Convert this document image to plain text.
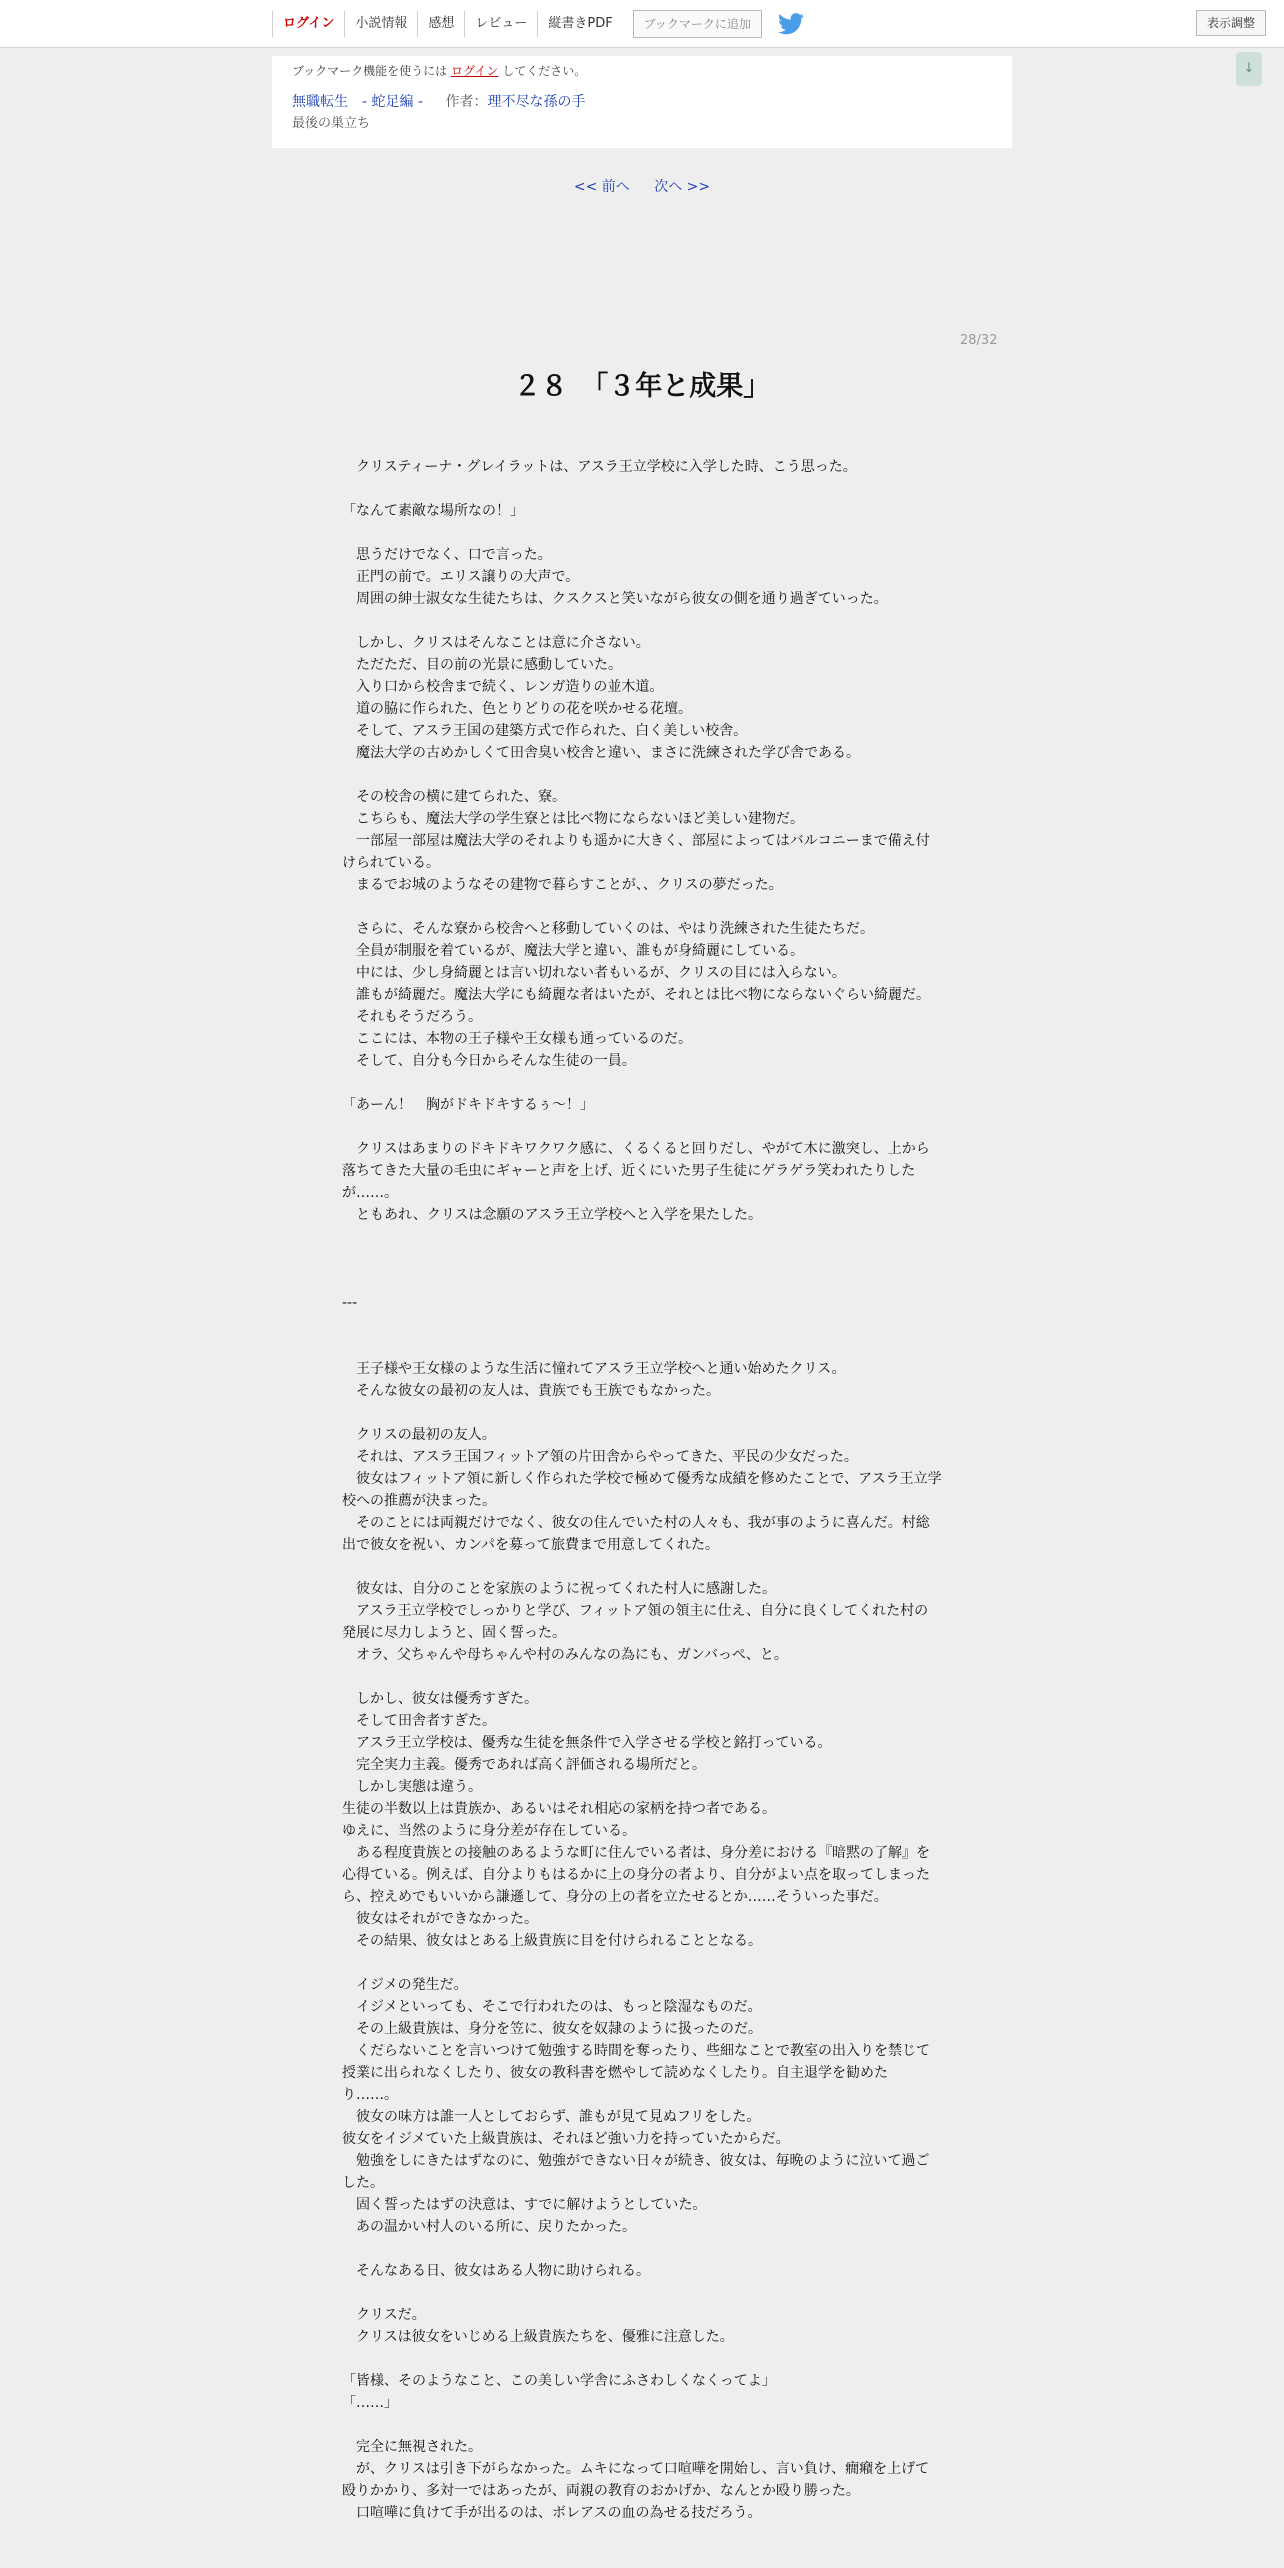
ログイン	小説情報	感想	レビュー	縦書きPDF	ブックマークに追加	表示調整
↓
ブックマーク機能を使うには ログイン してください。
無職転生　- 蛇足編 - 作者：理不尽な孫の手
最後の巣立ち
<< 前へ 次へ >>
28/32
２８　「３年と成果」

　クリスティーナ・グレイラットは、アスラ王立学校に入学した時、こう思った。

「なんて素敵な場所なの！」

　思うだけでなく、口で言った。

　正門の前で。エリス譲りの大声で。

　周囲の紳士淑女な生徒たちは、クスクスと笑いながら彼女の側を通り過ぎていった。

　しかし、クリスはそんなことは意に介さない。

　ただただ、目の前の光景に感動していた。

　入り口から校舎まで続く、レンガ造りの並木道。

　道の脇に作られた、色とりどりの花を咲かせる花壇。

　そして、アスラ王国の建築方式で作られた、白く美しい校舎。

　魔法大学の古めかしくて田舎臭い校舎と違い、まさに洗練された学び舎である。

　その校舎の横に建てられた、寮。

　こちらも、魔法大学の学生寮とは比べ物にならないほど美しい建物だ。

　一部屋一部屋は魔法大学のそれよりも遥かに大きく、部屋によってはバルコニーまで備え付けられている。

　まるでお城のようなその建物で暮らすことが、、クリスの夢だった。

　さらに、そんな寮から校舎へと移動していくのは、やはり洗練された生徒たちだ。

　全員が制服を着ているが、魔法大学と違い、誰もが身綺麗にしている。

　中には、少し身綺麗とは言い切れない者もいるが、クリスの目には入らない。

　誰もが綺麗だ。魔法大学にも綺麗な者はいたが、それとは比べ物にならないぐらい綺麗だ。

　それもそうだろう。

　ここには、本物の王子様や王女様も通っているのだ。

　そして、自分も今日からそんな生徒の一員。

「あーん！　胸がドキドキするぅ～！」

　クリスはあまりのドキドキワクワク感に、くるくると回りだし、やがて木に激突し、上から落ちてきた大量の毛虫にギャーと声を上げ、近くにいた男子生徒にゲラゲラ笑われたりしたが……。

　ともあれ、クリスは念願のアスラ王立学校へと入学を果たした。

---

　王子様や王女様のような生活に憧れてアスラ王立学校へと通い始めたクリス。

　そんな彼女の最初の友人は、貴族でも王族でもなかった。

　クリスの最初の友人。

　それは、アスラ王国フィットア領の片田舎からやってきた、平民の少女だった。

　彼女はフィットア領に新しく作られた学校で極めて優秀な成績を修めたことで、アスラ王立学校への推薦が決まった。

　そのことには両親だけでなく、彼女の住んでいた村の人々も、我が事のように喜んだ。村総出で彼女を祝い、カンパを募って旅費まで用意してくれた。

　彼女は、自分のことを家族のように祝ってくれた村人に感謝した。

　アスラ王立学校でしっかりと学び、フィットア領の領主に仕え、自分に良くしてくれた村の発展に尽力しようと、固く誓った。

　オラ、父ちゃんや母ちゃんや村のみんなの為にも、ガンバっぺ、と。

　しかし、彼女は優秀すぎた。

　そして田舎者すぎた。

　アスラ王立学校は、優秀な生徒を無条件で入学させる学校と銘打っている。

　完全実力主義。優秀であれば高く評価される場所だと。

　しかし実態は違う。

生徒の半数以上は貴族か、あるいはそれ相応の家柄を持つ者である。

ゆえに、当然のように身分差が存在している。

　ある程度貴族との接触のあるような町に住んでいる者は、身分差における『暗黙の了解』を心得ている。例えば、自分よりもはるかに上の身分の者より、自分がよい点を取ってしまったら、控えめでもいいから謙遜して、身分の上の者を立たせるとか……そういった事だ。

　彼女はそれができなかった。

　その結果、彼女はとある上級貴族に目を付けられることとなる。

　イジメの発生だ。

　イジメといっても、そこで行われたのは、もっと陰湿なものだ。

　その上級貴族は、身分を笠に、彼女を奴隷のように扱ったのだ。

　くだらないことを言いつけて勉強する時間を奪ったり、些細なことで教室の出入りを禁じて授業に出られなくしたり、彼女の教科書を燃やして読めなくしたり。自主退学を勧めたり……。

　彼女の味方は誰一人としておらず、誰もが見て見ぬフリをした。

彼女をイジメていた上級貴族は、それほど強い力を持っていたからだ。

　勉強をしにきたはずなのに、勉強ができない日々が続き、彼女は、毎晩のように泣いて過ごした。

　固く誓ったはずの決意は、すでに解けようとしていた。

　あの温かい村人のいる所に、戻りたかった。

　そんなある日、彼女はある人物に助けられる。

　クリスだ。

　クリスは彼女をいじめる上級貴族たちを、優雅に注意した。

「皆様、そのようなこと、この美しい学舎にふさわしくなくってよ」

「……」

　完全に無視された。

　が、クリスは引き下がらなかった。ムキになって口喧嘩を開始し、言い負け、癇癪を上げて殴りかかり、多対一ではあったが、両親の教育のおかげか、なんとか殴り勝った。

　口喧嘩に負けて手が出るのは、ボレアスの血の為せる技だろう。
